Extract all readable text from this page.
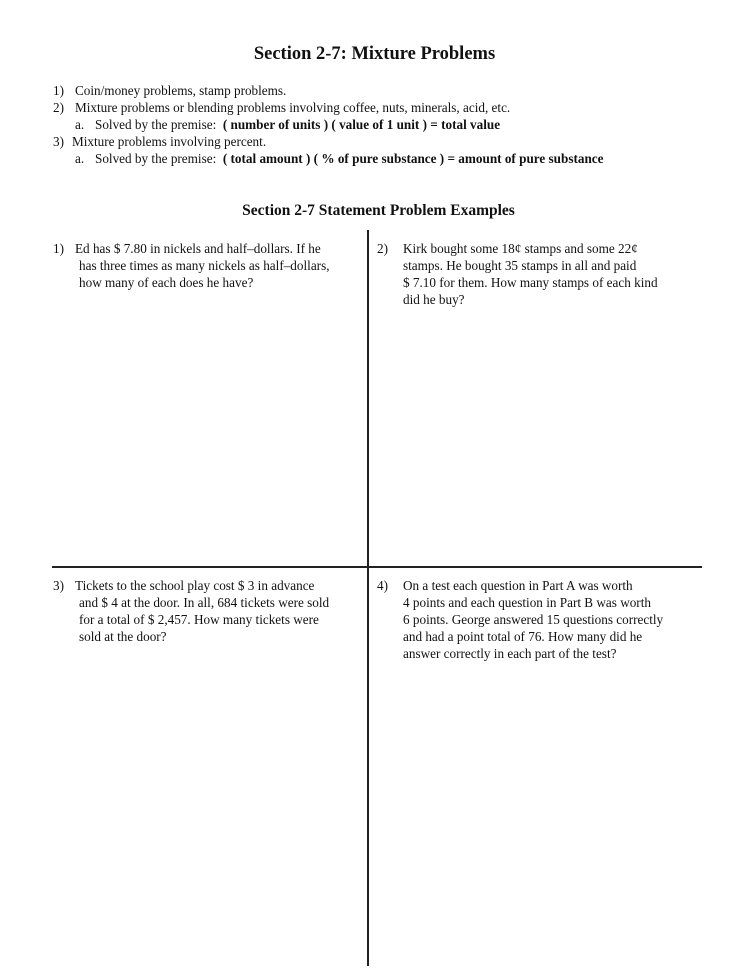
Section 2-7: Mixture Problems
1) Coin/money problems, stamp problems.
2) Mixture problems or blending problems involving coffee, nuts, minerals, acid, etc.
a. Solved by the premise: ( number of units ) ( value of 1 unit ) = total value
3) Mixture problems involving percent.
a. Solved by the premise: ( total amount ) ( % of pure substance ) = amount of pure substance
Section 2-7 Statement Problem Examples
1) Ed has $ 7.80 in nickels and half–dollars. If he
has three times as many nickels as half–dollars,
how many of each does he have?
2) Kirk bought some 18¢ stamps and some 22¢
stamps. He bought 35 stamps in all and paid
$ 7.10 for them. How many stamps of each kind
did he buy?
3) Tickets to the school play cost $ 3 in advance
and $ 4 at the door. In all, 684 tickets were sold
for a total of $ 2,457. How many tickets were
sold at the door?
4) On a test each question in Part A was worth
4 points and each question in Part B was worth
6 points. George answered 15 questions correctly
and had a point total of 76. How many did he
answer correctly in each part of the test?
